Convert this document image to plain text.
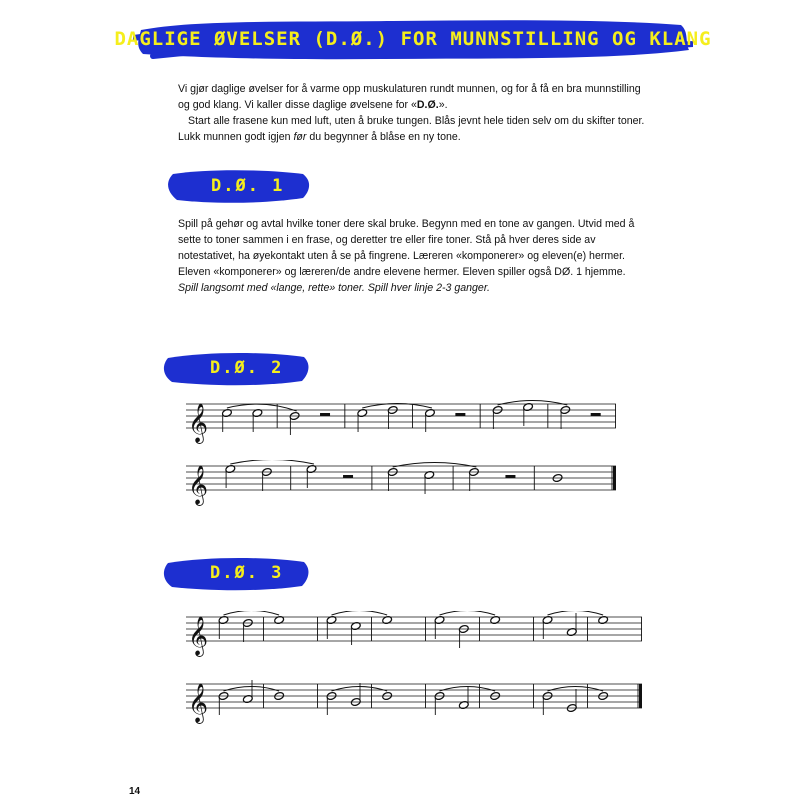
DAGLIGE ØVELSER (D.Ø.) FOR MUNNSTILLING OG KLANG

Vi gjør daglige øvelser for å varme opp muskulaturen rundt munnen, og for å få en bra munnstilling og god klang. Vi kaller disse daglige øvelsene for «D.Ø.».

Start alle frasene kun med luft, uten å bruke tungen. Blås jevnt hele tiden selv om du skifter toner. Lukk munnen godt igjen før du begynner å blåse en ny tone.

D.Ø. 1

Spill på gehør og avtal hvilke toner dere skal bruke. Begynn med en tone av gangen. Utvid med å sette to toner sammen i en frase, og deretter tre eller fire toner. Stå på hver deres side av notestativet, ha øyekontakt uten å se på fingrene. Læreren «komponerer» og eleven(e) hermer. Eleven «komponerer» og læreren/de andre elevene hermer. Eleven spiller også DØ. 1 hjemme.

Spill langsomt med «lange, rette» toner. Spill hver linje 2-3 ganger.

D.Ø. 2
D.Ø. 3
𝄞
𝄞
𝄞
𝄞
14
